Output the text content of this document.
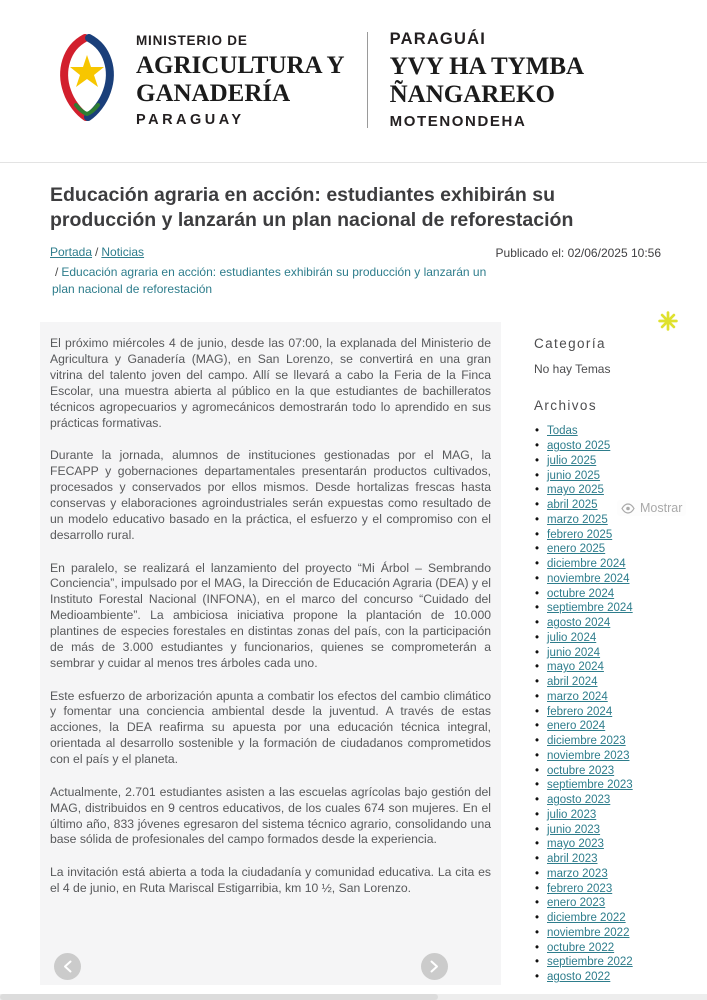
MINISTERIO DE
AGRICULTURA Y
GANADERÍA
PARAGUAY
PARAGUÁI
YVY HA TYMBA
ÑANGAREKO
MOTENONDEHA
Educación agraria en acción: estudiantes exhibirán su producción y lanzarán un plan nacional de reforestación
Portada / Noticias
/ Educación agraria en acción: estudiantes exhibirán su producción y lanzarán un plan nacional de reforestación
Publicado el: 02/06/2025 10:56

El próximo miércoles 4 de junio, desde las 07:00, la explanada del Ministerio de Agricultura y Ganadería (MAG), en San Lorenzo, se convertirá en una gran vitrina del talento joven del campo. Allí se llevará a cabo la Feria de la Finca Escolar, una muestra abierta al público en la que estudiantes de bachilleratos técnicos agropecuarios y agromecánicos demostrarán todo lo aprendido en sus prácticas formativas.

Durante la jornada, alumnos de instituciones gestionadas por el MAG, la FECAPP y gobernaciones departamentales presentarán productos cultivados, procesados y conservados por ellos mismos. Desde hortalizas frescas hasta conservas y elaboraciones agroindustriales serán expuestas como resultado de un modelo educativo basado en la práctica, el esfuerzo y el compromiso con el desarrollo rural.

En paralelo, se realizará el lanzamiento del proyecto “Mi Árbol – Sembrando Conciencia”, impulsado por el MAG, la Dirección de Educación Agraria (DEA) y el Instituto Forestal Nacional (INFONA), en el marco del concurso “Cuidado del Medioambiente”. La ambiciosa iniciativa propone la plantación de 10.000 plantines de especies forestales en distintas zonas del país, con la participación de más de 3.000 estudiantes y funcionarios, quienes se comprometerán a sembrar y cuidar al menos tres árboles cada uno.

Este esfuerzo de arborización apunta a combatir los efectos del cambio climático y fomentar una conciencia ambiental desde la juventud. A través de estas acciones, la DEA reafirma su apuesta por una educación técnica integral, orientada al desarrollo sostenible y la formación de ciudadanos comprometidos con el país y el planeta.

Actualmente, 2.701 estudiantes asisten a las escuelas agrícolas bajo gestión del MAG, distribuidos en 9 centros educativos, de los cuales 674 son mujeres. En el último año, 833 jóvenes egresaron del sistema técnico agrario, consolidando una base sólida de profesionales del campo formados desde la experiencia.

La invitación está abierta a toda la ciudadanía y comunidad educativa. La cita es el 4 de junio, en Ruta Mariscal Estigarribia, km 10 ½, San Lorenzo.

Categoría
No hay Temas
Archivos
• Todas
• agosto 2025
• julio 2025
• junio 2025
• mayo 2025
• abril 2025
• marzo 2025
• febrero 2025
• enero 2025
• diciembre 2024
• noviembre 2024
• octubre 2024
• septiembre 2024
• agosto 2024
• julio 2024
• junio 2024
• mayo 2024
• abril 2024
• marzo 2024
• febrero 2024
• enero 2024
• diciembre 2023
• noviembre 2023
• octubre 2023
• septiembre 2023
• agosto 2023
• julio 2023
• junio 2023
• mayo 2023
• abril 2023
• marzo 2023
• febrero 2023
• enero 2023
• diciembre 2022
• noviembre 2022
• octubre 2022
• septiembre 2022
• agosto 2022
Mostrar
